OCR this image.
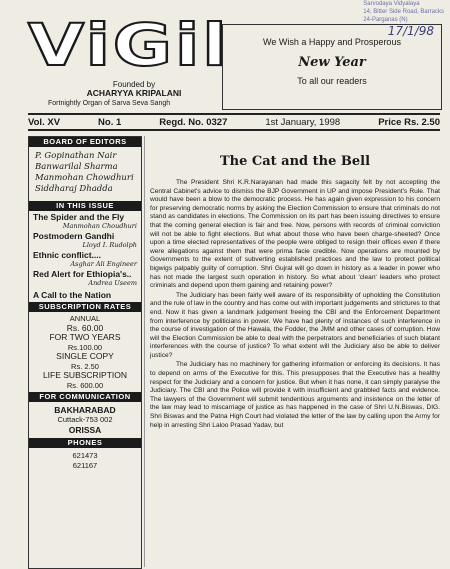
Sarvodaya Vidyalaya
14, Bitter Side Road, Barracks
24-Parganas (N)
ViGil
Founded by
ACHARYYA KRIPALANI
Fortnightly Organ of Sarva Seva Sangh
We Wish a Happy and Prosperous
New Year
To all our readers
17/1/98
Vol. XV	No. 1	Regd. No. 0327	1st January, 1998	Price Rs. 2.50
BOARD OF EDITORS
P. Gopinathan Nair
Banwarilal Sharma
Manmohan Chowdhuri
Siddharaj Dhadda
IN THIS ISSUE
The Spider and the Fly
Manmohan Choudhuri
Postmodern Gandhi
Lloyd I. Rudolph
Ethnic conflict....
Asghar Ali Engineer
Red Alert for Ethiopia's..
Andrea Useem
A Call to the Nation
SUBSCRIPTION RATES
ANNUAL
Rs. 60.00
FOR TWO YEARS
Rs.100.00
SINGLE COPY
Rs. 2.50
LIFE SUBSCRIPTION
Rs. 600.00
FOR COMMUNICATION
BAKHARABAD
Cuttack-753 002
ORISSA
PHONES
621473
621167
The Cat and the Bell

The President Shri K.R.Narayanan had made this sagacity felt by not accepting the Central Cabinet's advice to dismiss the BJP Government in UP and impose President's Rule. That would have been a blow to the democratic process. He has again given expression to his concern for preserving democratic norms by asking the Election Commission to ensure that criminals do not stand as candidates in elections. The Commission on its part has been issuing directives to ensure that the coming general election is fair and free. Now, persons with records of criminal conviction will not be able to fight elections. But what about those who have been charge-sheeted? Once upon a time elected representatives of the people were obliged to resign their offices even if there were allegations against them that were prima facie credible. Now operations are mounted by Governments to the extent of subverting established practices and the law to protect political bigwigs palpably guilty of corruption. Shri Gujral will go down in history as a leader in power who has not made the largest such operation in history. So what about 'clean' leaders who protect criminals and depend upon them gaining and retaining power?

The Judiciary has been fairly well aware of its responsibility of upholding the Constitution and the rule of law in the country and has come out with important judgements and strictures to that end. Now it has given a landmark judgement freeing the CBI and the Enforcement Department from interference by politicians in power. We have had plenty of instances of such interference in the course of investigation of the Hawala, the Fodder, the JMM and other cases of corruption. How will the Election Commission be able to deal with the perpetrators and beneficiaries of such blatant interferences with the course of justice? To what extent will the Judiciary also be able to deliver justice?

The Judiciary has no machinery for gathering information or enforcing its decisions. It has to depend on arms of the Executive for this. This presupposes that the Executive has a healthy respect for the Judiciary and a concern for justice. But when it has none, it can simply paralyse the Judiciary. The CBI and the Police will provide it with insufficient and grabbled facts and evidence. The lawyers of the Government will submit tendentious arguments and insistence on the letter of the law may lead to miscarriage of justice as has happened in the case of Shri U.N.Biswas, DIG. Shri Biswas and the Patna High Court had violated the letter of the law by calling upon the Army for help in arresting Shri Laloo Prasad Yadav, but
